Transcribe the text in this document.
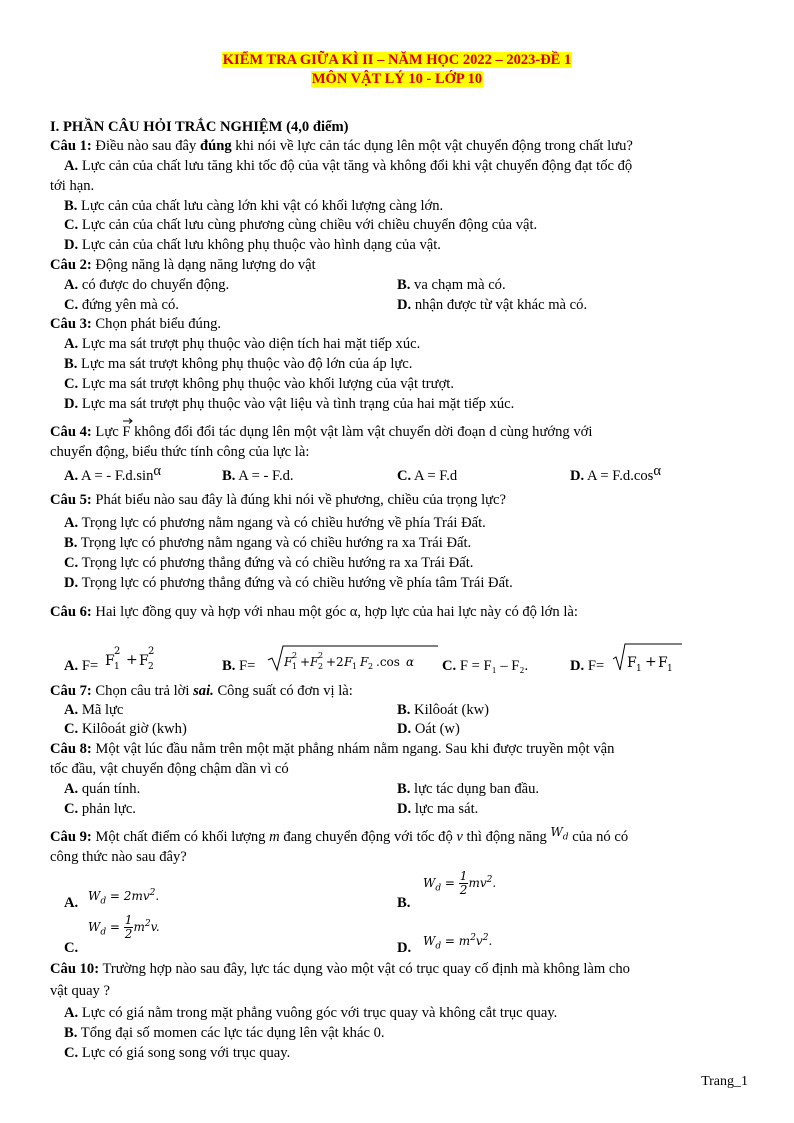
KIỂM TRA GIỮA KÌ II – NĂM HỌC 2022 – 2023-ĐỀ 1
MÔN VẬT LÝ 10 - LỚP 10
I. PHẦN CÂU HỎI TRẮC NGHIỆM (4,0 điểm)
Câu 1: Điều nào sau đây đúng khi nói về lực cản tác dụng lên một vật chuyển động trong chất lưu?
A. Lực cản của chất lưu tăng khi tốc độ của vật tăng và không đổi khi vật chuyển động đạt tốc độ
tới hạn.
B. Lực cản của chất lưu càng lớn khi vật có khối lượng càng lớn.
C. Lực cản của chất lưu cùng phương cùng chiều với chiều chuyển động của vật.
D. Lực cản của chất lưu không phụ thuộc vào hình dạng của vật.
Câu 2: Động năng là dạng năng lượng do vật
A. có được do chuyển động.	B. va chạm mà có.
C. đứng yên mà có.	D. nhận được từ vật khác mà có.
Câu 3: Chọn phát biểu đúng.
A. Lực ma sát trượt phụ thuộc vào diện tích hai mặt tiếp xúc.
B. Lực ma sát trượt không phụ thuộc vào độ lớn của áp lực.
C. Lực ma sát trượt không phụ thuộc vào khối lượng của vật trượt.
D. Lực ma sát trượt phụ thuộc vào vật liệu và tình trạng của hai mặt tiếp xúc.
Câu 4: Lực
F không đổi đổi tác dụng lên một vật làm vật chuyển dời đoạn d cùng hướng với
chuyển động, biểu thức tính công của lực là:
A. A = - F.d.sinα	B. A = - F.d.	C. A = F.d	D. A = F.d.cosα
Câu 5: Phát biểu nào sau đây là đúng khi nói về phương, chiều của trọng lực?
A. Trọng lực có phương nằm ngang và có chiều hướng về phía Trái Đất.
B. Trọng lực có phương nằm ngang và có chiều hướng ra xa Trái Đất.
C. Trọng lực có phương thẳng đứng và có chiều hướng ra xa Trái Đất.
D. Trọng lực có phương thẳng đứng và có chiều hướng về phía tâm Trái Đất.
Câu 6: Hai lực đồng quy và hợp với nhau một góc α, hợp lực của hai lực này có độ lớn là:
A. F= F 1
2
+ F 2
2
B. F= F 1
2 + F 2
2 + 2 F 1 F 2 .cos α C. F = F₁ – F₂.	D. F= F 1 + F 1
Câu 7: Chọn câu trả lời sai. Công suất có đơn vị là:
A. Mã lực	B. Kilôoát (kw)
C. Kilôoát giờ (kwh)	D. Oát (w)
Câu 8: Một vật lúc đầu nằm trên một mặt phẳng nhám nằm ngang. Sau khi được truyền một vận
tốc đầu, vật chuyển động chậm dần vì có
A. quán tính.	B. lực tác dụng ban đầu.
C. phản lực.	D. lực ma sát.
Câu 9: Một chất điểm có khối lượng m đang chuyển động với tốc độ v thì động năng $^{W_d}$ của nó có
công thức nào sau đây?
A. $W_d = 2mv^2$.	B.
$W_d = \frac{1}{2} mv^2$.
C.
$W_d = \frac{1}{2} m^2v$.
D. $W_d = m^2v^2$.
Câu 10: Trường hợp nào sau đây, lực tác dụng vào một vật có trục quay cố định mà không làm cho
vật quay ?
A. Lực có giá nằm trong mặt phẳng vuông góc với trục quay và không cắt trục quay.
B. Tổng đại số momen các lực tác dụng lên vật khác 0.
C. Lực có giá song song với trục quay.
Trang_1
